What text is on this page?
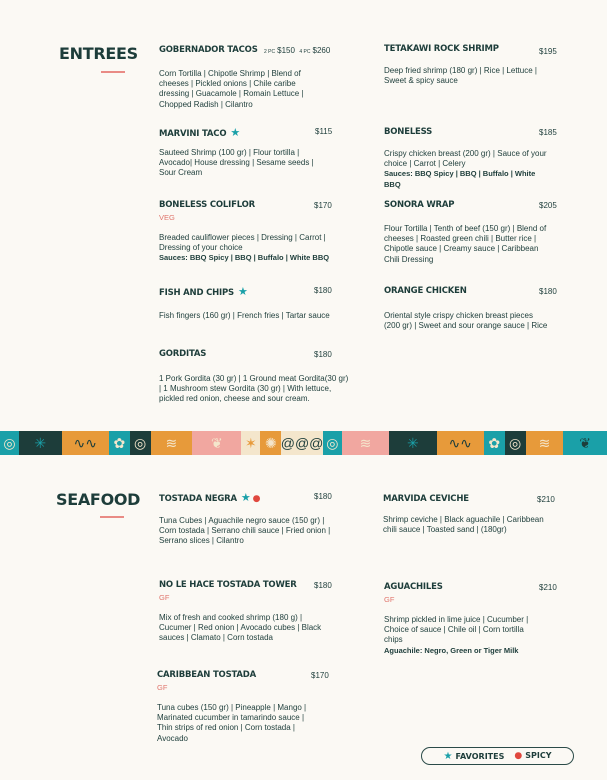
ENTREES GOBERNADOR TACOS 2 PC $150 4 PC $260
Corn Tortilla | Chipotle Shrimp | Blend of
cheeses | Pickled onions | Chile caribe
dressing | Guacamole | Romain Lettuce |
Chopped Radish | Cilantro
TETAKAWI ROCK SHRIMP	$195
Deep fried shrimp (180 gr) | Rice | Lettuce |
Sweet & spicy sauce
MARVINI TACO ★	$115
Sauteed Shrimp (100 gr) | Flour tortilla |
Avocado| House dressing | Sesame seeds |
Sour Cream
BONELESS	$185
Crispy chicken breast (200 gr) | Sauce of your
choice | Carrot | Celery
Sauces: BBQ Spicy | BBQ | Buffalo | White
BBQ
BONELESS COLIFLOR	$170
VEG
Breaded cauliflower pieces | Dressing | Carrot |
Dressing of your choice
Sauces: BBQ Spicy | BBQ | Buffalo | White BBQ
SONORA WRAP	$205
Flour Tortilla | Tenth of beef (150 gr) | Blend of
cheeses | Roasted green chili | Butter rice |
Chipotle sauce | Creamy sauce | Caribbean
Chili Dressing
FISH AND CHIPS ★	$180
Fish fingers (160 gr) | French fries | Tartar sauce
ORANGE CHICKEN	$180
Oriental style crispy chicken breast pieces
(200 gr) | Sweet and sour orange sauce | Rice
GORDITAS	$180
1 Pork Gordita (30 gr) | 1 Ground meat Gordita(30 gr)
| 1 Mushroom stew Gordita (30 gr) | With lettuce,
pickled red onion, cheese and sour cream.
◎	✳	∿∿	✿ ◎	≋	❦	✶ ✺ @@@ ◎	≋	✳	∿∿	✿ ◎	≋	❦
SEAFOOD TOSTADA NEGRA ★ ●	$180
Tuna Cubes | Aguachile negro sauce (150 gr) |
Corn tostada | Serrano chili sauce | Fried onion |
Serrano slices | Cilantro
MARVIDA CEVICHE	$210
Shrimp ceviche | Black aguachile | Caribbean
chili sauce | Toasted sand | (180gr)
NO LE HACE TOSTADA TOWER $180
GF
Mix of fresh and cooked shrimp (180 g) |
Cucumer | Red onion | Avocado cubes | Black
sauces | Clamato | Corn tostada
AGUACHILES	$210
GF
Shrimp pickled in lime juice | Cucumber |
Choice of sauce | Chile oil | Corn tortilla
chips
Aguachile: Negro, Green or Tiger Milk
CARIBBEAN TOSTADA	$170
GF
Tuna cubes (150 gr) | Pineapple | Mango |
Marinated cucumber in tamarindo sauce |
Thin strips of red onion | Corn tostada |
Avocado
★ FAVORITES ● SPICY
